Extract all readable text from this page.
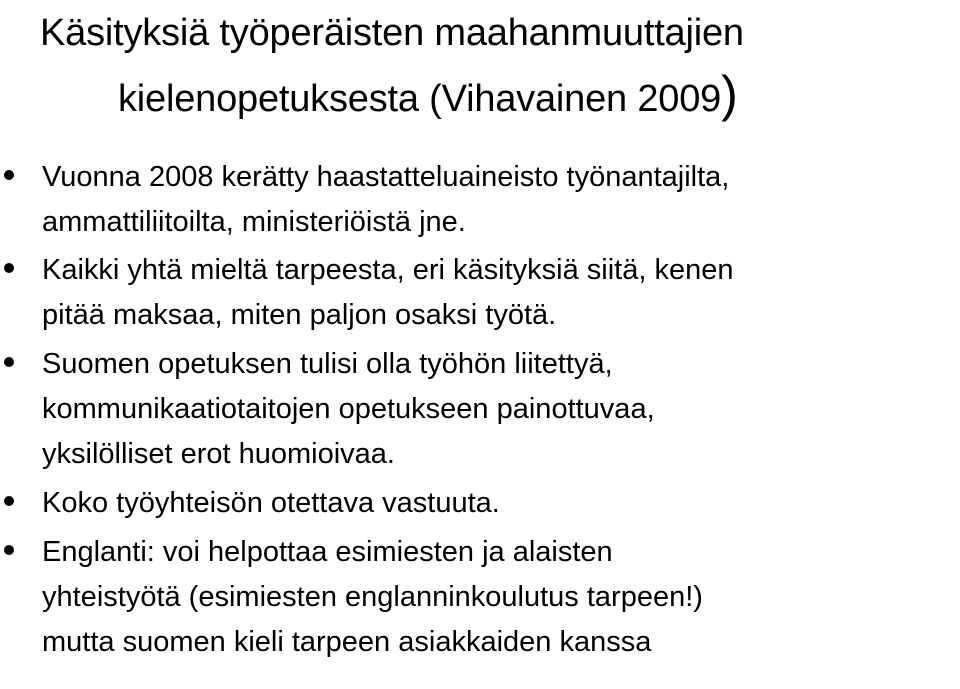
Käsityksiä työperäisten maahanmuuttajien
kielenopetuksesta (Vihavainen 2009)
Vuonna 2008 kerätty haastatteluaineisto työnantajilta,
ammattiliitoilta, ministeriöistä jne.
Kaikki yhtä mieltä tarpeesta, eri käsityksiä siitä, kenen
pitää maksaa, miten paljon osaksi työtä.
Suomen opetuksen tulisi olla työhön liitettyä,
kommunikaatiotaitojen opetukseen painottuvaa,
yksilölliset erot huomioivaa.
Koko työyhteisön otettava vastuuta.
Englanti: voi helpottaa esimiesten ja alaisten
yhteistyötä (esimiesten englanninkoulutus tarpeen!)
mutta suomen kieli tarpeen asiakkaiden kanssa
